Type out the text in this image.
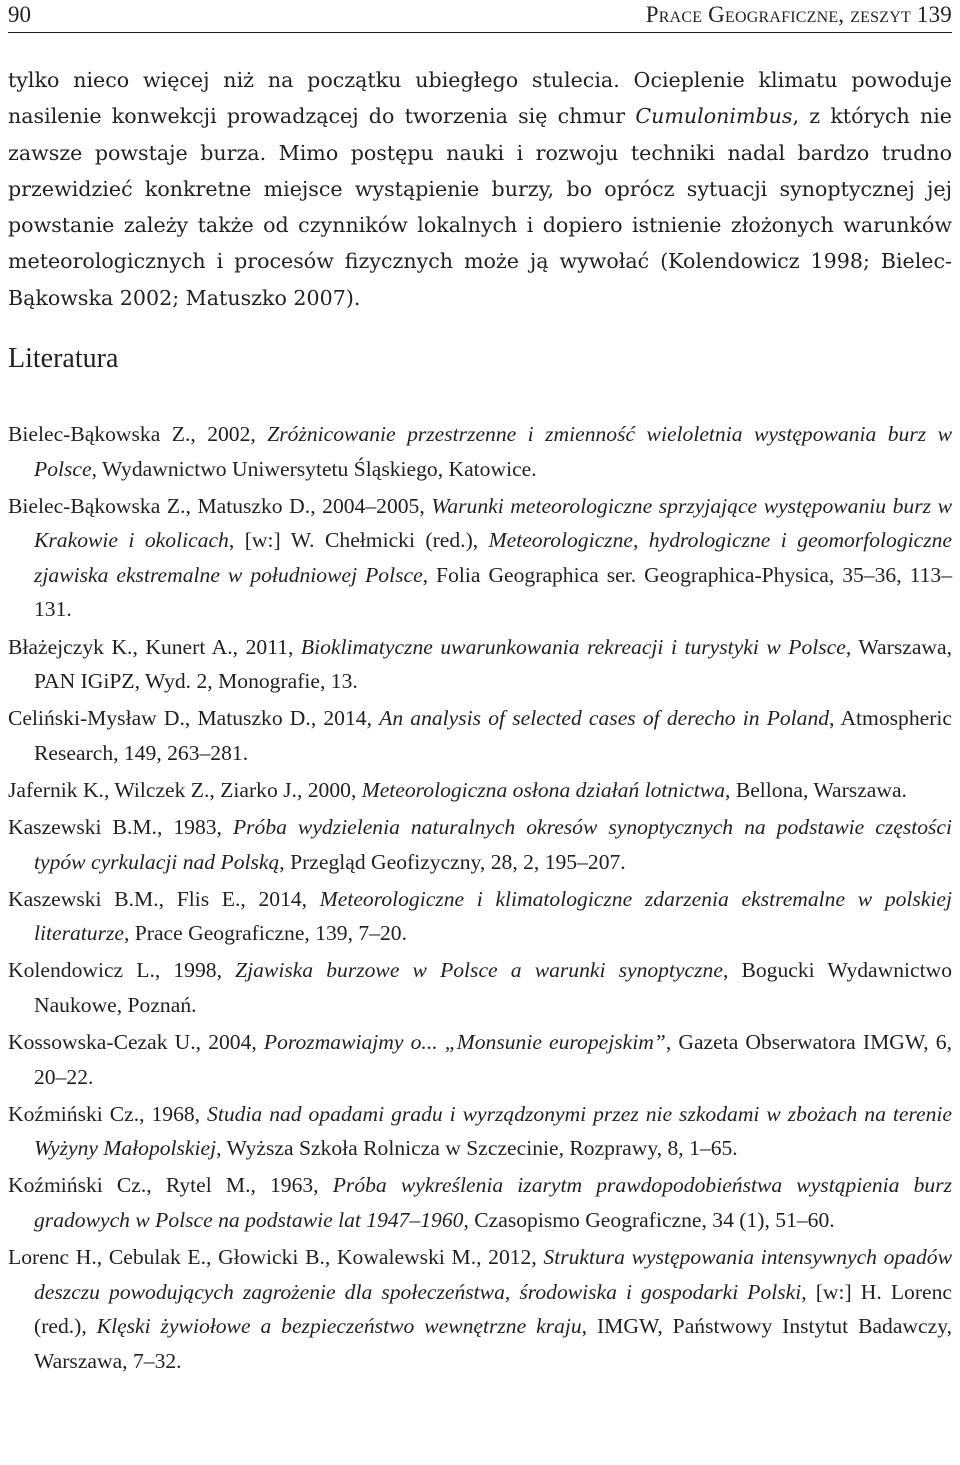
90	Prace Geograficzne, zeszyt 139

tylko nieco więcej niż na początku ubiegłego stulecia. Ocieplenie klimatu powoduje nasilenie konwekcji prowadzącej do tworzenia się chmur Cumulonimbus, z których nie zawsze powstaje burza. Mimo postępu nauki i rozwoju techniki nadal bardzo trudno przewidzieć konkretne miejsce wystąpienie burzy, bo oprócz sytuacji synoptycznej jej powstanie zależy także od czynników lokalnych i dopiero istnienie złożonych warunków meteorologicznych i procesów fizycznych może ją wywołać (Kolendowicz 1998; Bielec-Bąkowska 2002; Matuszko 2007).

Literatura
Bielec-Bąkowska Z., 2002, Zróżnicowanie przestrzenne i zmienność wieloletnia występowania burz w Polsce, Wydawnictwo Uniwersytetu Śląskiego, Katowice.
Bielec-Bąkowska Z., Matuszko D., 2004–2005, Warunki meteorologiczne sprzyjające występowaniu burz w Krakowie i okolicach, [w:] W. Chełmicki (red.), Meteorologiczne, hydrologiczne i geomorfologiczne zjawiska ekstremalne w południowej Polsce, Folia Geographica ser. Geographica-Physica, 35–36, 113–131.
Błażejczyk K., Kunert A., 2011, Bioklimatyczne uwarunkowania rekreacji i turystyki w Polsce, Warszawa, PAN IGiPZ, Wyd. 2, Monografie, 13.
Celiński-Mysław D., Matuszko D., 2014, An analysis of selected cases of derecho in Poland, Atmospheric Research, 149, 263–281.
Jafernik K., Wilczek Z., Ziarko J., 2000, Meteorologiczna osłona działań lotnictwa, Bellona, Warszawa.
Kaszewski B.M., 1983, Próba wydzielenia naturalnych okresów synoptycznych na podstawie częstości typów cyrkulacji nad Polską, Przegląd Geofizyczny, 28, 2, 195–207.
Kaszewski B.M., Flis E., 2014, Meteorologiczne i klimatologiczne zdarzenia ekstremalne w polskiej literaturze, Prace Geograficzne, 139, 7–20.
Kolendowicz L., 1998, Zjawiska burzowe w Polsce a warunki synoptyczne, Bogucki Wydawnictwo Naukowe, Poznań.
Kossowska-Cezak U., 2004, Porozmawiajmy o... „Monsunie europejskim”, Gazeta Obserwatora IMGW, 6, 20–22.
Koźmiński Cz., 1968, Studia nad opadami gradu i wyrządzonymi przez nie szkodami w zbożach na terenie Wyżyny Małopolskiej, Wyższa Szkoła Rolnicza w Szczecinie, Rozprawy, 8, 1–65.
Koźmiński Cz., Rytel M., 1963, Próba wykreślenia izarytm prawdopodobieństwa wystąpienia burz gradowych w Polsce na podstawie lat 1947–1960, Czasopismo Geograficzne, 34 (1), 51–60.
Lorenc H., Cebulak E., Głowicki B., Kowalewski M., 2012, Struktura występowania intensywnych opadów deszczu powodujących zagrożenie dla społeczeństwa, środowiska i gospodarki Polski, [w:] H. Lorenc (red.), Klęski żywiołowe a bezpieczeństwo wewnętrzne kraju, IMGW, Państwowy Instytut Badawczy, Warszawa, 7–32.
